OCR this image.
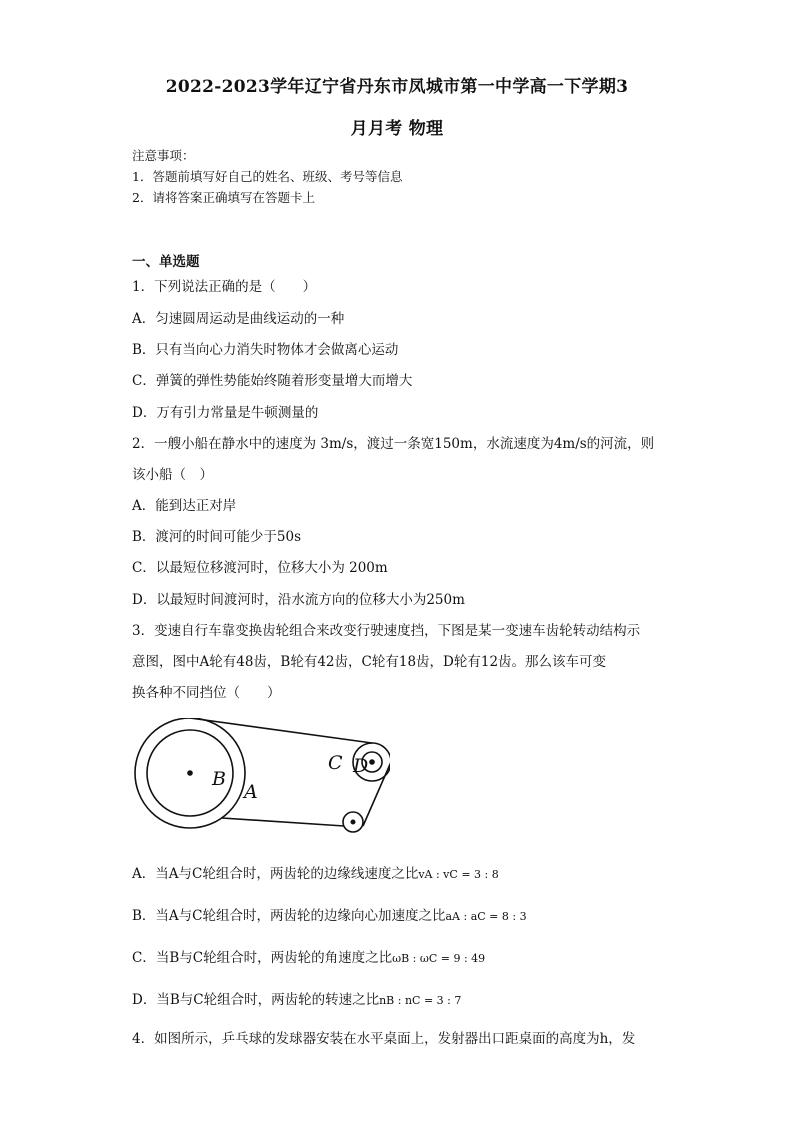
2022-2023学年辽宁省丹东市凤城市第一中学高一下学期3
月月考 物理
注意事项：
1．答题前填写好自己的姓名、班级、考号等信息
2．请将答案正确填写在答题卡上
一、单选题
1．下列说法正确的是（　　）
A．匀速圆周运动是曲线运动的一种
B．只有当向心力消失时物体才会做离心运动
C．弹簧的弹性势能始终随着形变量增大而增大
D．万有引力常量是牛顿测量的
2．一艘小船在静水中的速度为 3m/s，渡过一条宽150m，水流速度为4m/s的河流，则
该小船（　）
A．能到达正对岸
B．渡河的时间可能少于50s
C．以最短位移渡河时，位移大小为 200m
D．以最短时间渡河时，沿水流方向的位移大小为250m
3．变速自行车靠变换齿轮组合来改变行驶速度挡，下图是某一变速车齿轮转动结构示
意图，图中A轮有48齿，B轮有42齿，C轮有18齿，D轮有12齿。那么该车可变
换各种不同挡位（　　）
B
A
C D
A．当A与C轮组合时，两齿轮的边缘线速度之比vA : vC = 3 : 8
B．当A与C轮组合时，两齿轮的边缘向心加速度之比aA : aC = 8 : 3
C．当B与C轮组合时，两齿轮的角速度之比ωB : ωC = 9 : 49
D．当B与C轮组合时，两齿轮的转速之比nB : nC = 3 : 7
4．如图所示，乒乓球的发球器安装在水平桌面上，发射器出口距桌面的高度为h，发
